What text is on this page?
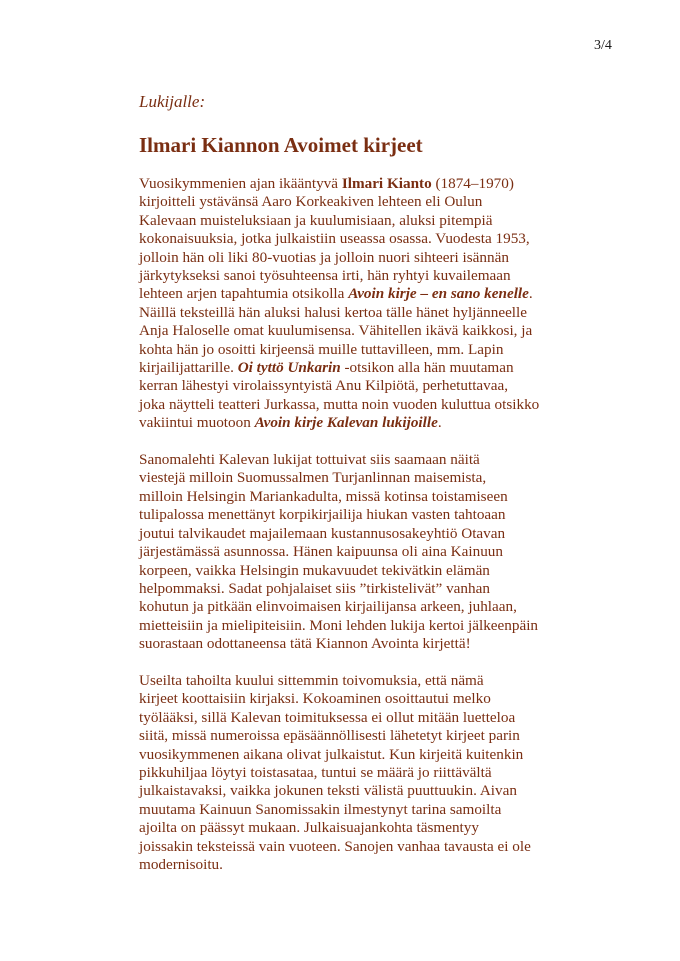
3/4
Lukijalle:
Ilmari Kiannon Avoimet kirjeet

Vuosikymmenien ajan ikääntyvä Ilmari Kianto (1874–1970)
kirjoitteli ystävänsä Aaro Korkeakiven lehteen eli Oulun
Kalevaan muisteluksiaan ja kuulumisiaan, aluksi pitempiä
kokonaisuuksia, jotka julkaistiin useassa osassa. Vuodesta 1953,
jolloin hän oli liki 80-vuotias ja jolloin nuori sihteeri isännän
järkytykseksi sanoi työsuhteensa irti, hän ryhtyi kuvailemaan
lehteen arjen tapahtumia otsikolla Avoin kirje – en sano kenelle.
Näillä teksteillä hän aluksi halusi kertoa tälle hänet hyljänneelle
Anja Haloselle omat kuulumisensa. Vähitellen ikävä kaikkosi, ja
kohta hän jo osoitti kirjeensä muille tuttavilleen, mm. Lapin
kirjailijattarille. Oi tyttö Unkarin -otsikon alla hän muutaman
kerran lähestyi virolaissyntyistä Anu Kilpiötä, perhetuttavaa,
joka näytteli teatteri Jurkassa, mutta noin vuoden kuluttua otsikko
vakiintui muotoon Avoin kirje Kalevan lukijoille.

Sanomalehti Kalevan lukijat tottuivat siis saamaan näitä
viestejä milloin Suomussalmen Turjanlinnan maisemista,
milloin Helsingin Mariankadulta, missä kotinsa toistamiseen
tulipalossa menettänyt korpikirjailija hiukan vasten tahtoaan
joutui talvikaudet majailemaan kustannusosakeyhtiö Otavan
järjestämässä asunnossa. Hänen kaipuunsa oli aina Kainuun
korpeen, vaikka Helsingin mukavuudet tekivätkin elämän
helpommaksi. Sadat pohjalaiset siis ”tirkistelivät” vanhan
kohutun ja pitkään elinvoimaisen kirjailijansa arkeen, juhlaan,
mietteisiin ja mielipiteisiin. Moni lehden lukija kertoi jälkeenpäin
suorastaan odottaneensa tätä Kiannon Avointa kirjettä!

Useilta tahoilta kuului sittemmin toivomuksia, että nämä
kirjeet koottaisiin kirjaksi. Kokoaminen osoittautui melko
työlääksi, sillä Kalevan toimituksessa ei ollut mitään luetteloa
siitä, missä numeroissa epäsäännöllisesti lähetetyt kirjeet parin
vuosikymmenen aikana olivat julkaistut. Kun kirjeitä kuitenkin
pikkuhiljaa löytyi toistasataa, tuntui se määrä jo riittävältä
julkaistavaksi, vaikka jokunen teksti välistä puuttuukin. Aivan
muutama Kainuun Sanomissakin ilmestynyt tarina samoilta
ajoilta on päässyt mukaan. Julkaisuajankohta täsmentyy
joissakin teksteissä vain vuoteen. Sanojen vanhaa tavausta ei ole
modernisoitu.
